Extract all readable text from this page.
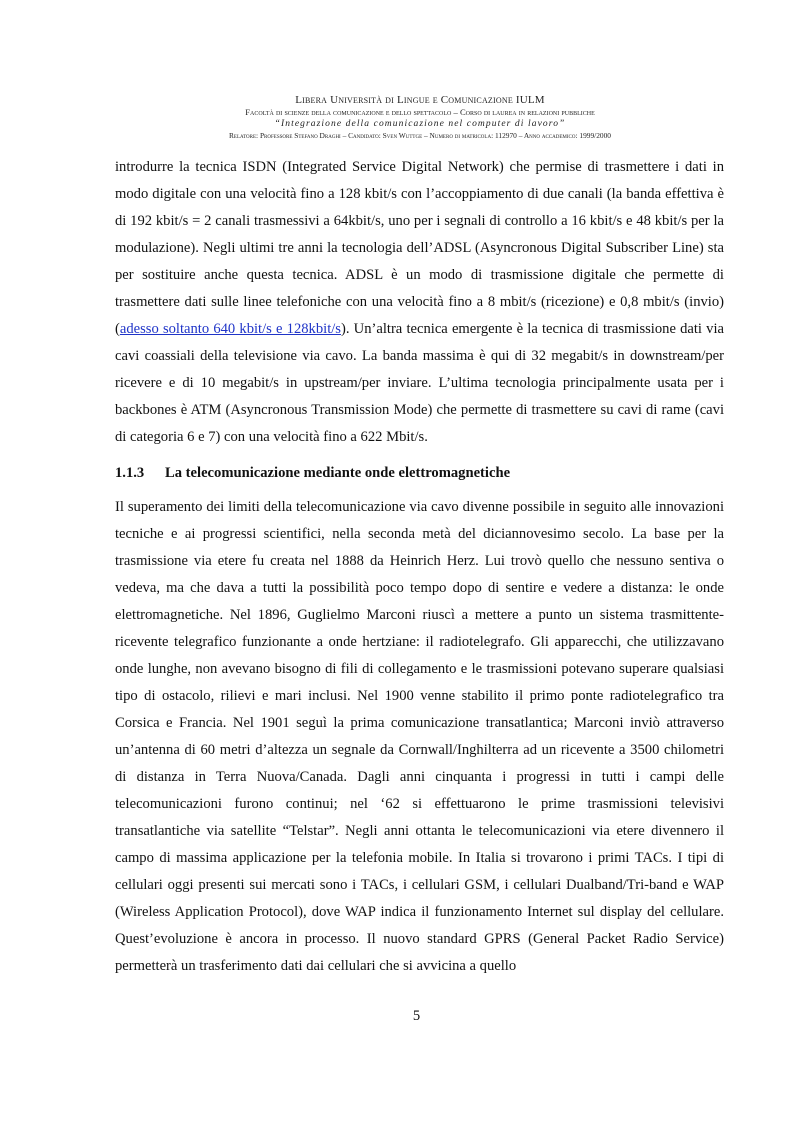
Libera Università di Lingue e Comunicazione IULM
Facoltà di scienze della comunicazione e dello spettacolo – Corso di laurea in relazioni pubbliche
“Integrazione della comunicazione nel computer di lavoro”
Relatore: Professore Stefano Draghi – Candidato: Sven Wuttge – Numero di matricola: 112970 – Anno accademico: 1999/2000

introdurre la tecnica ISDN (Integrated Service Digital Network) che permise di trasmettere i dati in modo digitale con una velocità fino a 128 kbit/s con l’accoppiamento di due canali (la banda effettiva è di 192 kbit/s = 2 canali trasmessivi a 64kbit/s, uno per i segnali di controllo a 16 kbit/s e 48 kbit/s per la modulazione). Negli ultimi tre anni la tecnologia dell’ADSL (Asyncronous Digital Subscriber Line) sta per sostituire anche questa tecnica. ADSL è un modo di trasmissione digitale che permette di trasmettere dati sulle linee telefoniche con una velocità fino a 8 mbit/s (ricezione) e 0,8 mbit/s (invio) (adesso soltanto 640 kbit/s e 128kbit/s). Un’altra tecnica emergente è la tecnica di trasmissione dati via cavi coassiali della televisione via cavo. La banda massima è qui di 32 megabit/s in downstream/per ricevere e di 10 megabit/s in upstream/per inviare. L’ultima tecnologia principalmente usata per i backbones è ATM (Asyncronous Transmission Mode) che permette di trasmettere su cavi di rame (cavi di categoria 6 e 7) con una velocità fino a 622 Mbit/s.

1.1.3	La telecomunicazione mediante onde elettromagnetiche

Il superamento dei limiti della telecomunicazione via cavo divenne possibile in seguito alle innovazioni tecniche e ai progressi scientifici, nella seconda metà del diciannovesimo secolo. La base per la trasmissione via etere fu creata nel 1888 da Heinrich Herz. Lui trovò quello che nessuno sentiva o vedeva, ma che dava a tutti la possibilità poco tempo dopo di sentire e vedere a distanza: le onde elettromagnetiche. Nel 1896, Guglielmo Marconi riuscì a mettere a punto un sistema trasmittente-ricevente telegrafico funzionante a onde hertziane: il radiotelegrafo. Gli apparecchi, che utilizzavano onde lunghe, non avevano bisogno di fili di collegamento e le trasmissioni potevano superare qualsiasi tipo di ostacolo, rilievi e mari inclusi. Nel 1900 venne stabilito il primo ponte radiotelegrafico tra Corsica e Francia. Nel 1901 seguì la prima comunicazione transatlantica; Marconi inviò attraverso un’antenna di 60 metri d’altezza un segnale da Cornwall/Inghilterra ad un ricevente a 3500 chilometri di distanza in Terra Nuova/Canada. Dagli anni cinquanta i progressi in tutti i campi delle telecomunicazioni furono continui; nel ‘62 si effettuarono le prime trasmissioni televisivi transatlantiche via satellite “Telstar”. Negli anni ottanta le telecomunicazioni via etere divennero il campo di massima applicazione per la telefonia mobile. In Italia si trovarono i primi TACs. I tipi di cellulari oggi presenti sui mercati sono i TACs, i cellulari GSM, i cellulari Dualband/Tri-band e WAP (Wireless Application Protocol), dove WAP indica il funzionamento Internet sul display del cellulare. Quest’evoluzione è ancora in processo. Il nuovo standard GPRS (General Packet Radio Service) permetterà un trasferimento dati dai cellulari che si avvicina a quello

5
